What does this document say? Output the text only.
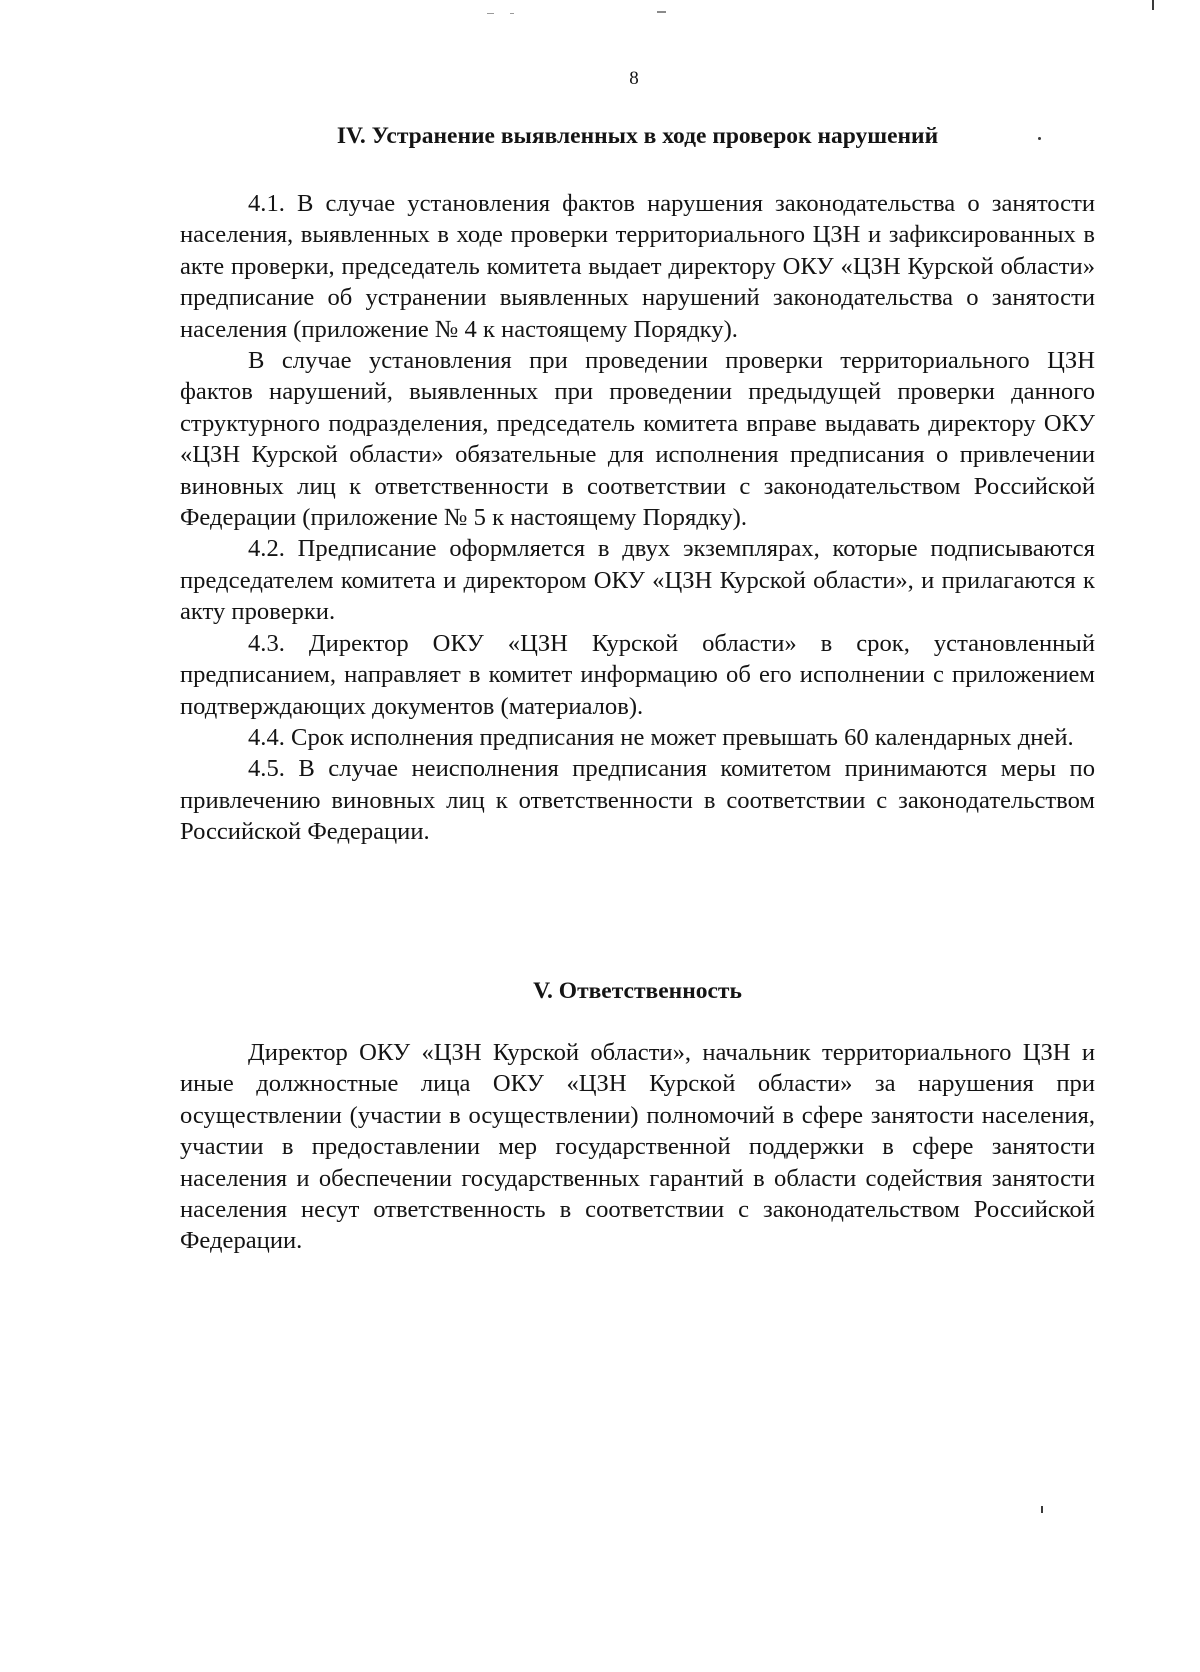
8
IV. Устранение выявленных в ходе проверок нарушений

4.1. В случае установления фактов нарушения законодательства о занятости населения, выявленных в ходе проверки территориального ЦЗН и зафиксированных в акте проверки, председатель комитета выдает директору ОКУ «ЦЗН Курской области» предписание об устранении выявленных нарушений законодательства о занятости населения (приложение № 4 к настоящему Порядку).

В случае установления при проведении проверки территориального ЦЗН фактов нарушений, выявленных при проведении предыдущей проверки данного структурного подразделения, председатель комитета вправе выдавать директору ОКУ «ЦЗН Курской области» обязательные для исполнения предписания о привлечении виновных лиц к ответственности в соответствии с законодательством Российской Федерации (приложение № 5 к настоящему Порядку).

4.2. Предписание оформляется в двух экземплярах, которые подписываются председателем комитета и директором ОКУ «ЦЗН Курской области», и прилагаются к акту проверки.

4.3. Директор ОКУ «ЦЗН Курской области» в срок, установленный предписанием, направляет в комитет информацию об его исполнении с приложением подтверждающих документов (материалов).

4.4. Срок исполнения предписания не может превышать 60 календарных дней.

4.5. В случае неисполнения предписания комитетом принимаются меры по привлечению виновных лиц к ответственности в соответствии с законодательством Российской Федерации.

V. Ответственность

Директор ОКУ «ЦЗН Курской области», начальник территориального ЦЗН и иные должностные лица ОКУ «ЦЗН Курской области» за нарушения при осуществлении (участии в осуществлении) полномочий в сфере занятости населения, участии в предоставлении мер государственной поддержки в сфере занятости населения и обеспечении государственных гарантий в области содействия занятости населения несут ответственность в соответствии с законодательством Российской Федерации.
